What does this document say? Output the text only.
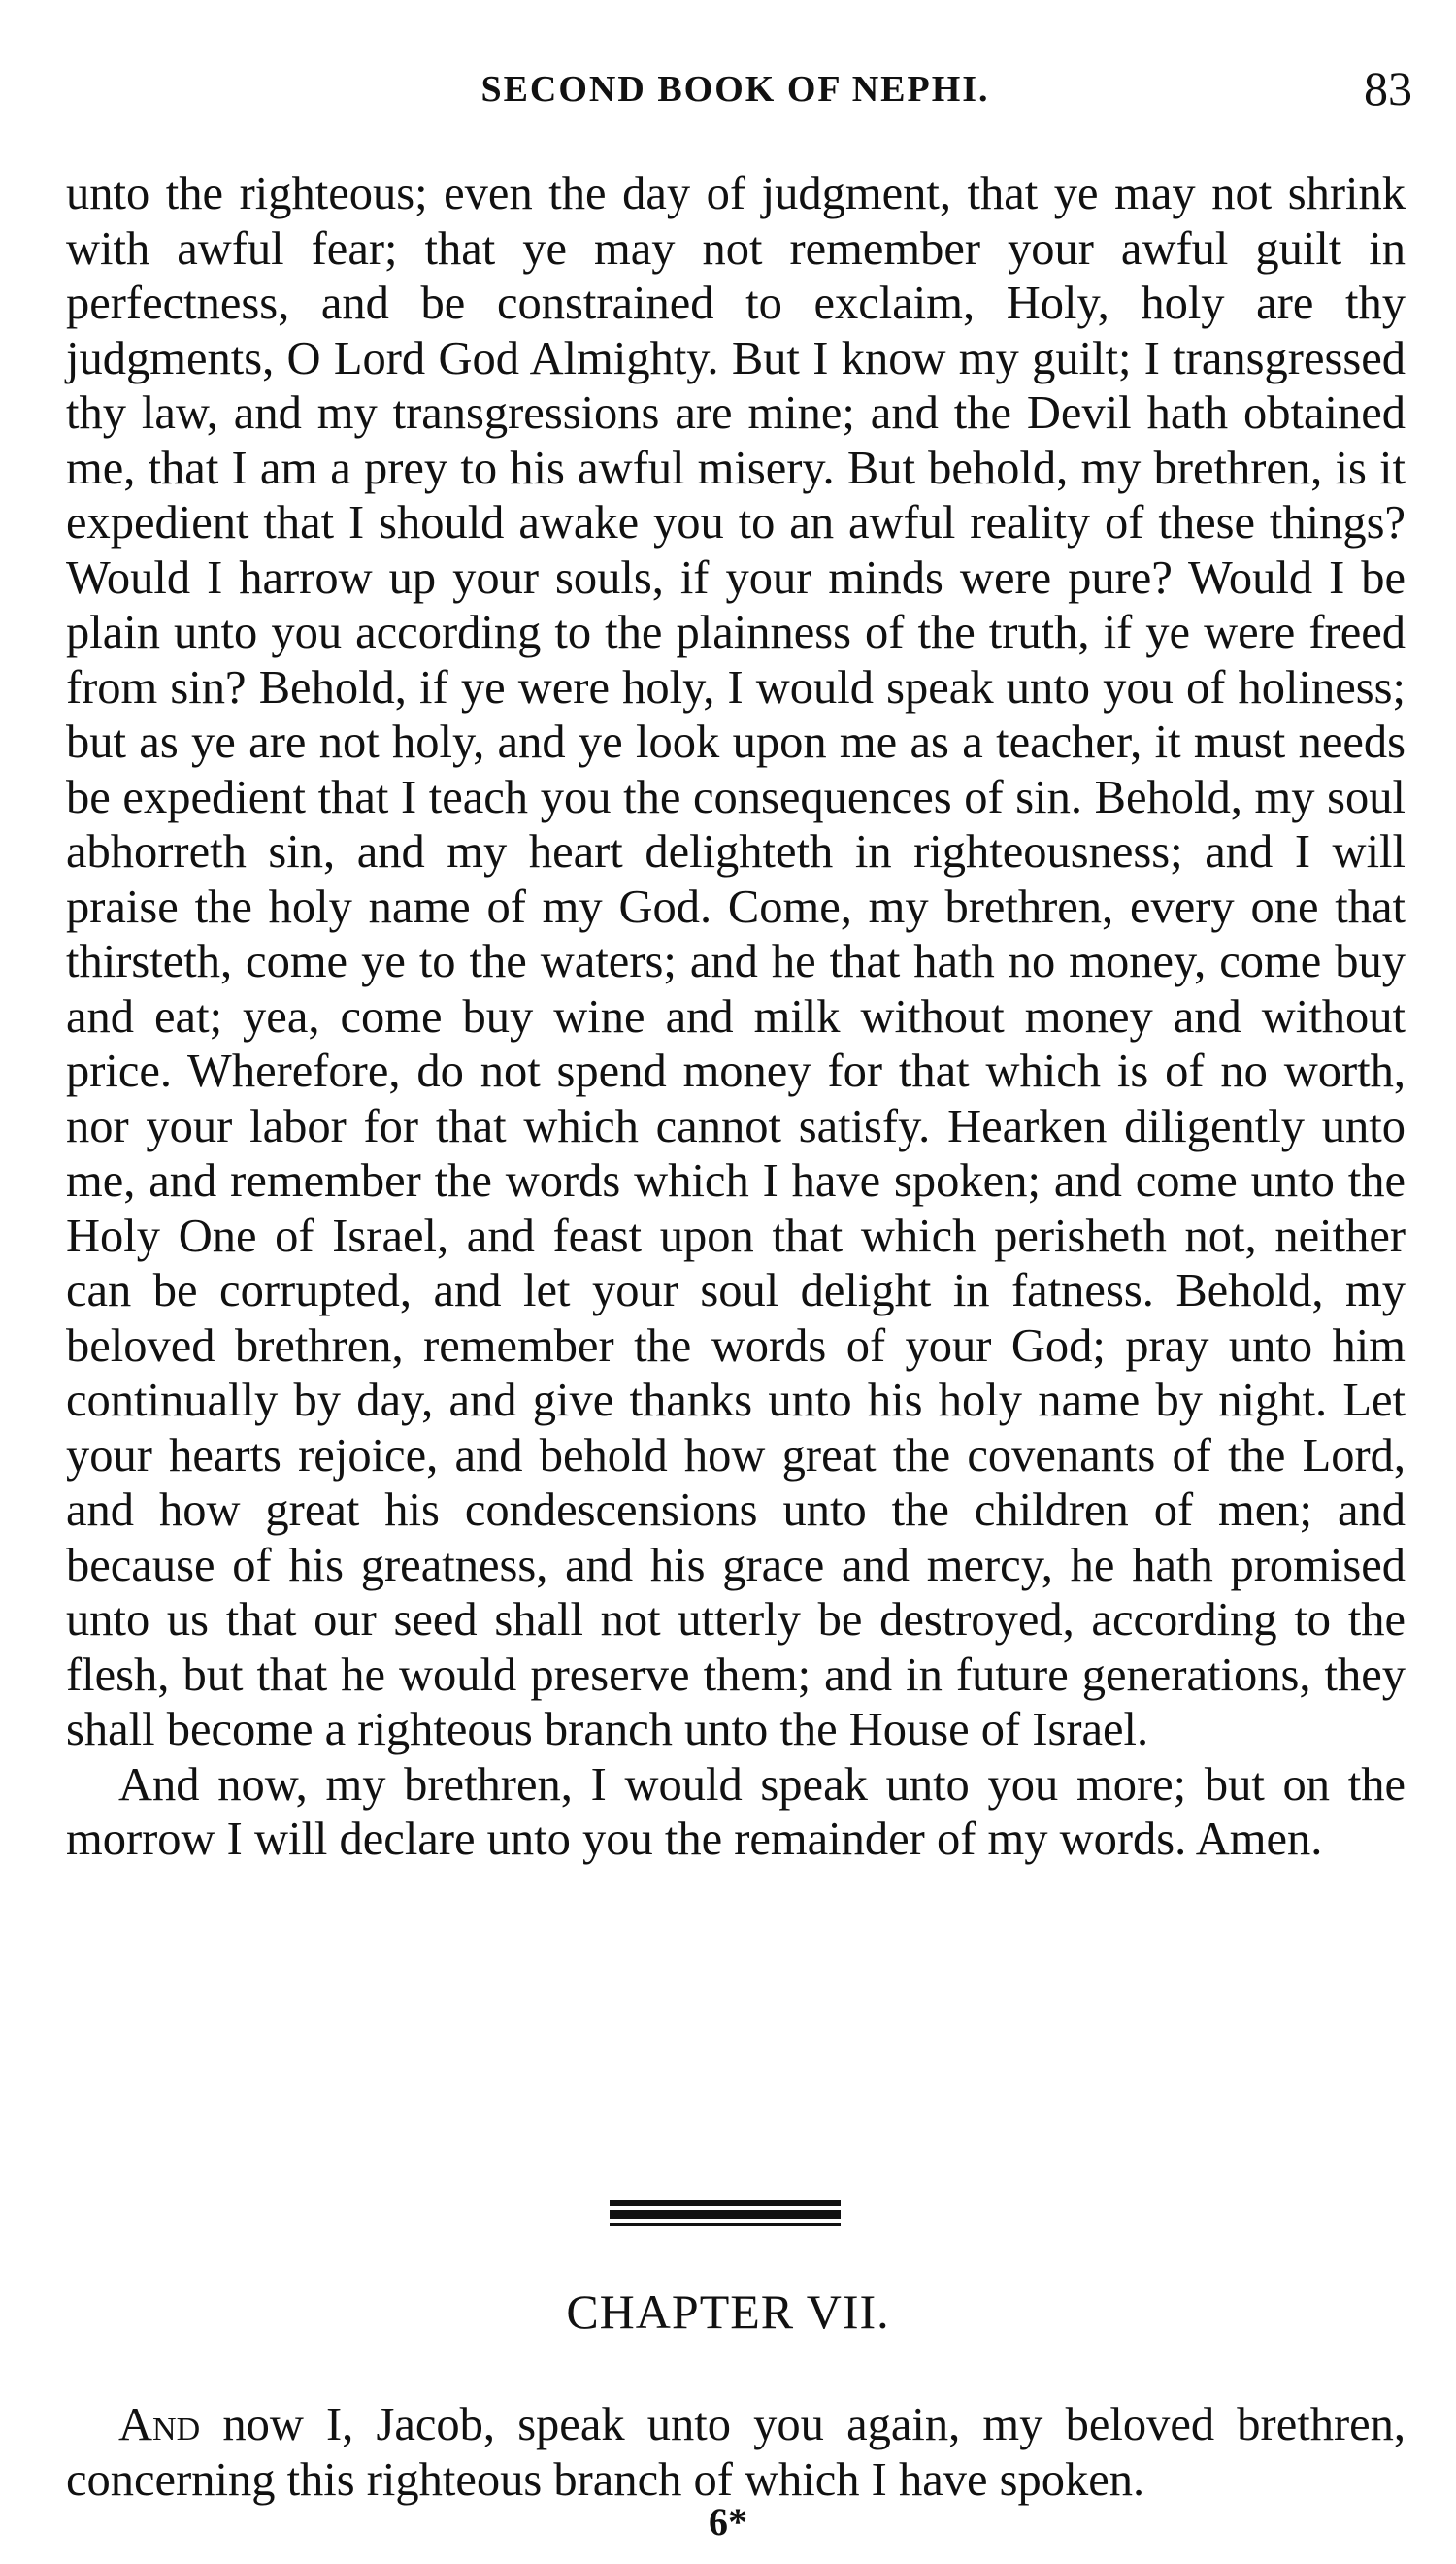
SECOND BOOK OF NEPHI.	83

unto the righteous; even the day of judgment, that ye may not shrink with awful fear; that ye may not remember your awful guilt in perfectness, and be constrained to exclaim, Holy, holy are thy judgments, O Lord God Almighty. But I know my guilt; I transgressed thy law, and my transgressions are mine; and the Devil hath obtained me, that I am a prey to his awful misery. But behold, my brethren, is it expedient that I should awake you to an awful reality of these things? Would I harrow up your souls, if your minds were pure? Would I be plain unto you according to the plainness of the truth, if ye were freed from sin? Behold, if ye were holy, I would speak unto you of holiness; but as ye are not holy, and ye look upon me as a teacher, it must needs be expedient that I teach you the consequences of sin. Behold, my soul abhorreth sin, and my heart delighteth in righteousness; and I will praise the holy name of my God. Come, my brethren, every one that thirsteth, come ye to the waters; and he that hath no money, come buy and eat; yea, come buy wine and milk without money and without price. Wherefore, do not spend money for that which is of no worth, nor your labor for that which cannot satisfy. Hearken diligently unto me, and remember the words which I have spoken; and come unto the Holy One of Israel, and feast upon that which perisheth not, neither can be corrupted, and let your soul delight in fatness. Behold, my beloved brethren, remember the words of your God; pray unto him continually by day, and give thanks unto his holy name by night. Let your hearts rejoice, and behold how great the covenants of the Lord, and how great his condescensions unto the children of men; and because of his greatness, and his grace and mercy, he hath promised unto us that our seed shall not utterly be destroyed, according to the flesh, but that he would preserve them; and in future generations, they shall become a righteous branch unto the House of Israel.

And now, my brethren, I would speak unto you more; but on the morrow I will declare unto you the remainder of my words. Amen.

CHAPTER VII.
And now I, Jacob, speak unto you again, my beloved brethren, concerning this righteous branch of which I have spoken.
6*
